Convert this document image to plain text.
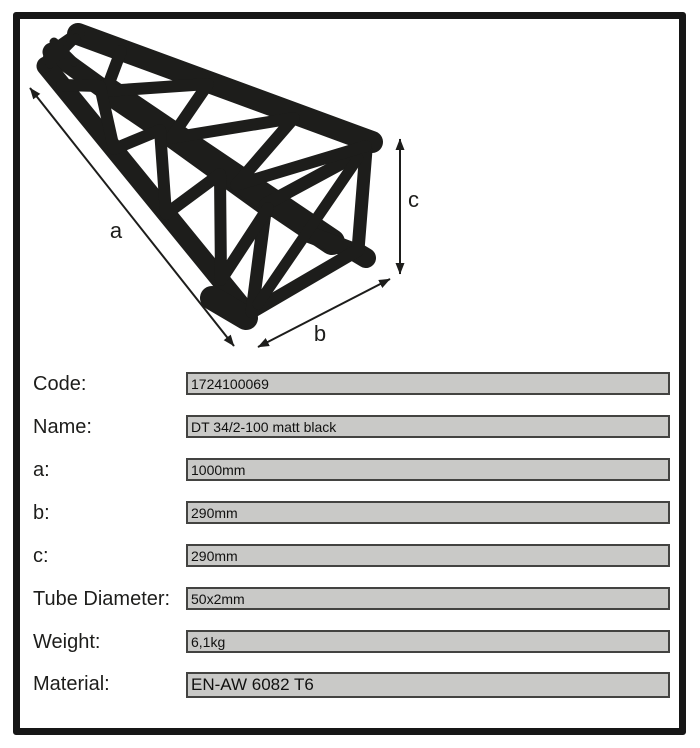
a
b
c
Code:	1724100069
Name:	DT 34/2-100 matt black
a:	1000mm
b:	290mm
c:	290mm
Tube Diameter: 50x2mm
Weight:	6,1kg
Material:	EN-AW 6082 T6
